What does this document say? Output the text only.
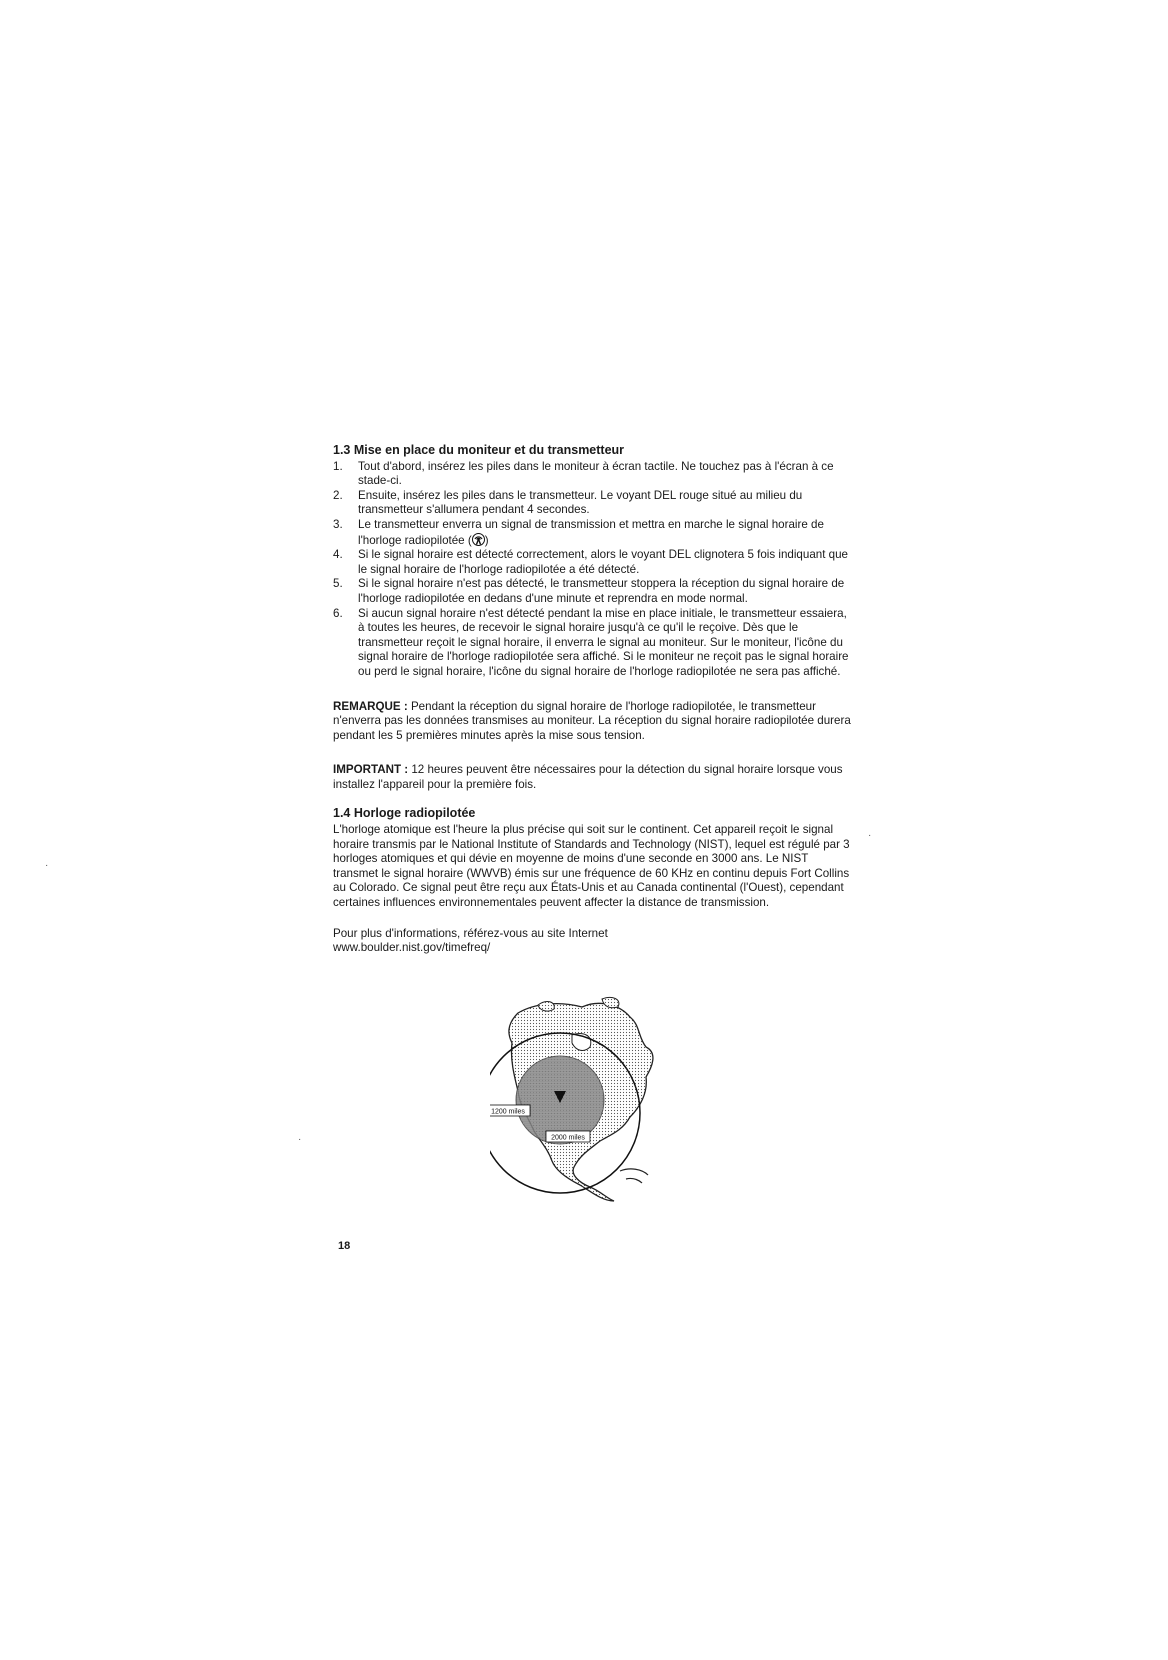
1.3 Mise en place du moniteur et du transmetteur
1. Tout d'abord, insérez les piles dans le moniteur à écran tactile. Ne touchez pas à l'écran à ce stade-ci.
2. Ensuite, insérez les piles dans le transmetteur. Le voyant DEL rouge situé au milieu du transmetteur s'allumera pendant 4 secondes.
3. Le transmetteur enverra un signal de transmission et mettra en marche le signal horaire de l'horloge radiopilotée ( )
4. Si le signal horaire est détecté correctement, alors le voyant DEL clignotera 5 fois indiquant que le signal horaire de l'horloge radiopilotée a été détecté.
5. Si le signal horaire n'est pas détecté, le transmetteur stoppera la réception du signal horaire de l'horloge radiopilotée en dedans d'une minute et reprendra en mode normal.
6. Si aucun signal horaire n'est détecté pendant la mise en place initiale, le transmetteur essaiera, à toutes les heures, de recevoir le signal horaire jusqu'à ce qu'il le reçoive. Dès que le transmetteur reçoit le signal horaire, il enverra le signal au moniteur. Sur le moniteur, l'icône du signal horaire de l'horloge radiopilotée sera affiché. Si le moniteur ne reçoit pas le signal horaire ou perd le signal horaire, l'icône du signal horaire de l'horloge radiopilotée ne sera pas affiché.

REMARQUE : Pendant la réception du signal horaire de l'horloge radiopilotée, le transmetteur n'enverra pas les données transmises au moniteur. La réception du signal horaire radiopilotée durera pendant les 5 premières minutes après la mise sous tension.

IMPORTANT : 12 heures peuvent être nécessaires pour la détection du signal horaire lorsque vous installez l'appareil pour la première fois.

1.4 Horloge radiopilotée

L'horloge atomique est l'heure la plus précise qui soit sur le continent. Cet appareil reçoit le signal horaire transmis par le National Institute of Standards and Technology (NIST), lequel est régulé par 3 horloges atomiques et qui dévie en moyenne de moins d'une seconde en 3000 ans. Le NIST transmet le signal horaire (WWVB) émis sur une fréquence de 60 KHz en continu depuis Fort Collins au Colorado. Ce signal peut être reçu aux États-Unis et au Canada continental (l'Ouest), cependant certaines influences environnementales peuvent affecter la distance de transmission.

Pour plus d'informations, référez-vous au site Internet
www.boulder.nist.gov/timefreq/

1200 miles
2000 miles
18
·
·
·
